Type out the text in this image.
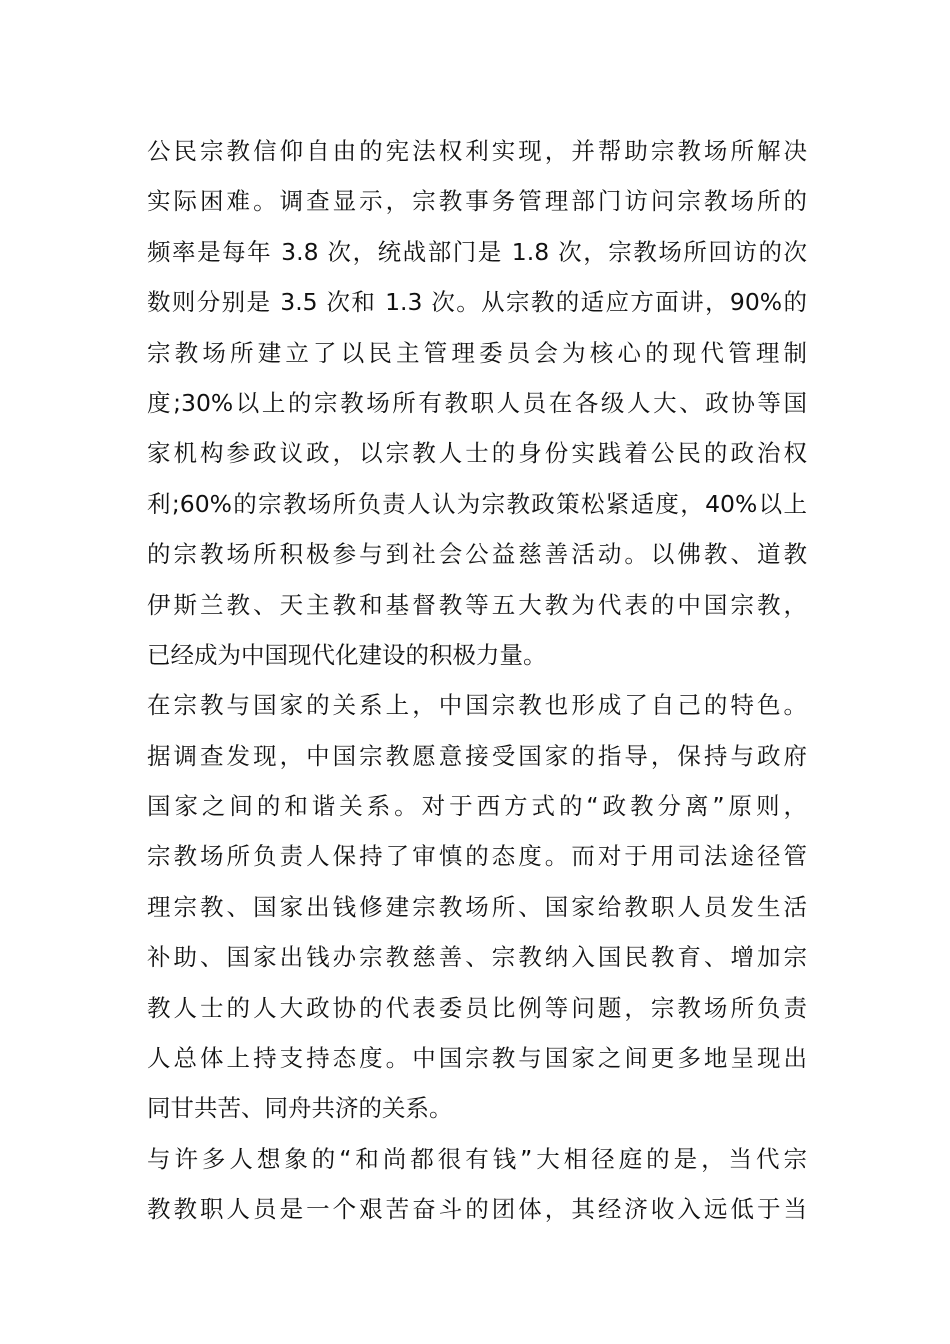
公民宗教信仰自由的宪法权利实现，并帮助宗教场所解决
实际困难。调查显示，宗教事务管理部门访问宗教场所的
频率是每年 3.8 次，统战部门是 1.8 次，宗教场所回访的次
数则分别是 3.5 次和 1.3 次。从宗教的适应方面讲，90%的
宗教场所建立了以民主管理委员会为核心的现代管理制
度;30%以上的宗教场所有教职人员在各级人大、政协等国
家机构参政议政，以宗教人士的身份实践着公民的政治权
利;60%的宗教场所负责人认为宗教政策松紧适度，40%以上
的宗教场所积极参与到社会公益慈善活动。以佛教、道教
伊斯兰教、天主教和基督教等五大教为代表的中国宗教，
已经成为中国现代化建设的积极力量。
在宗教与国家的关系上，中国宗教也形成了自己的特色。
据调查发现，中国宗教愿意接受国家的指导，保持与政府
国家之间的和谐关系。对于西方式的“政教分离”原则，
宗教场所负责人保持了审慎的态度。而对于用司法途径管
理宗教、国家出钱修建宗教场所、国家给教职人员发生活
补助、国家出钱办宗教慈善、宗教纳入国民教育、增加宗
教人士的人大政协的代表委员比例等问题，宗教场所负责
人总体上持支持态度。中国宗教与国家之间更多地呈现出
同甘共苦、同舟共济的关系。
与许多人想象的“和尚都很有钱”大相径庭的是，当代宗
教教职人员是一个艰苦奋斗的团体，其经济收入远低于当
